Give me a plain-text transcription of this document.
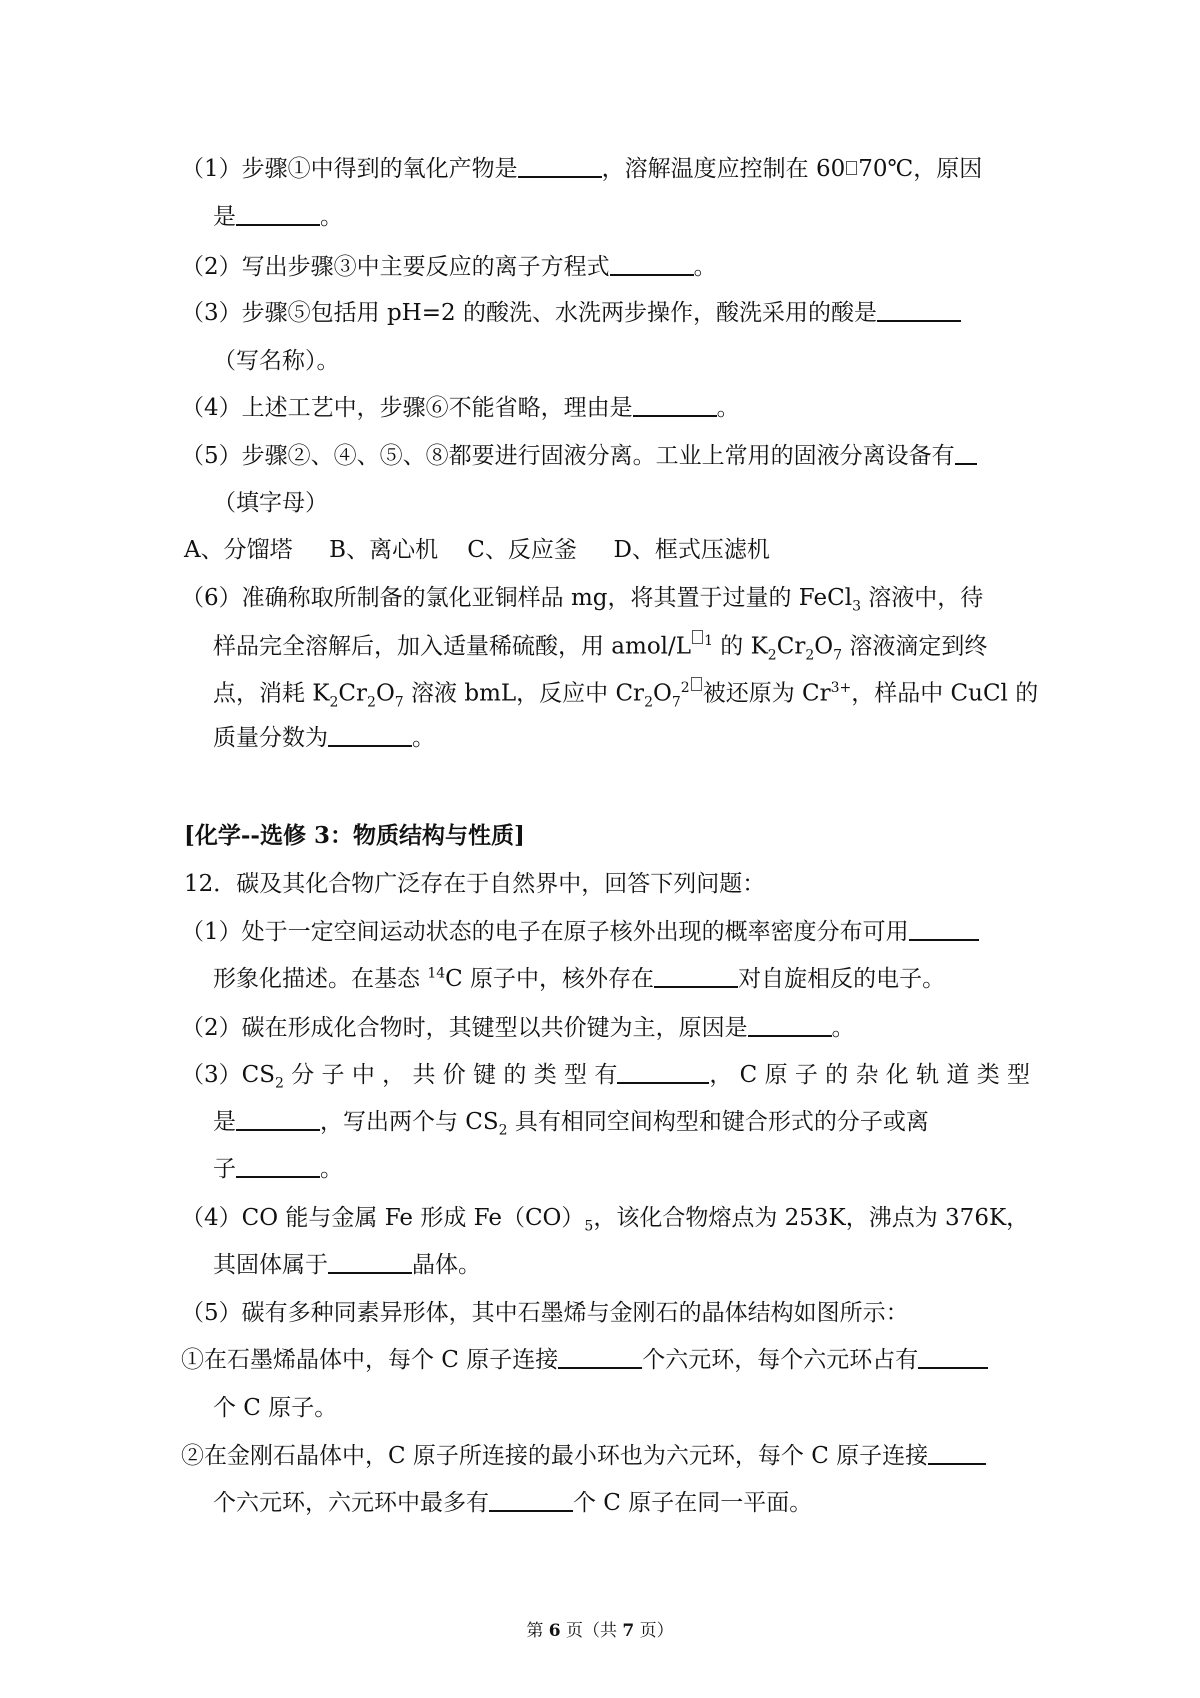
（1）步骤①中得到的氧化产物是	，溶解温度应控制在 60 70℃，原因
是	。
（2）写出步骤③中主要反应的离子方程式	。
（3）步骤⑤包括用 pH=2 的酸洗、水洗两步操作，酸洗采用的酸是
（写名称）。
（4）上述工艺中，步骤⑥不能省略，理由是	。
（5）步骤②、④、⑤、⑧都要进行固液分离。工业上常用的固液分离设备有
（填字母）
A、分馏塔     B、离心机    C、反应釜     D、框式压滤机
（6）准确称取所制备的氯化亚铜样品 mg，将其置于过量的 FeCl$_3$ 溶液中，待
样品完全溶解后，加入适量稀硫酸，用 amol/L $^1$ 的 $K_2Cr_2O_7$ 溶液滴定到终
点，消耗 $K_2Cr_2O_7$ 溶液 bmL，反应中 $Cr_2O_7^2$ 被还原为 $Cr^{3+}$，样品中 CuCl 的
质量分数为	。
[化学--选修 3：物质结构与性质]
12．碳及其化合物广泛存在于自然界中，回答下列问题：
（1）处于一定空间运动状态的电子在原子核外出现的概率密度分布可用
形象化描述。在基态 $^{14}$C 原子中，核外存在	对自旋相反的电子。
（2）碳在形成化合物时，其键型以共价键为主，原因是	。
$(3)CS_2$ 分 子 中 ， 共 价 键 的 类 型 有	， C 原 子 的 杂 化 轨 道 类 型
是	，写出两个与 $CS_2$ 具有相同空间构型和键合形式的分子或离
子	。
（4）CO 能与金属 Fe 形成 $Fe(CO)_5$，该化合物熔点为 253K，沸点为 376K，
其固体属于	晶体。
（5）碳有多种同素异形体，其中石墨烯与金刚石的晶体结构如图所示：
①在石墨烯晶体中，每个 C 原子连接	个六元环，每个六元环占有
个 C 原子。
②在金刚石晶体中，C 原子所连接的最小环也为六元环，每个 C 原子连接
个六元环，六元环中最多有	个 C 原子在同一平面。
第 6 页（共 7 页）
